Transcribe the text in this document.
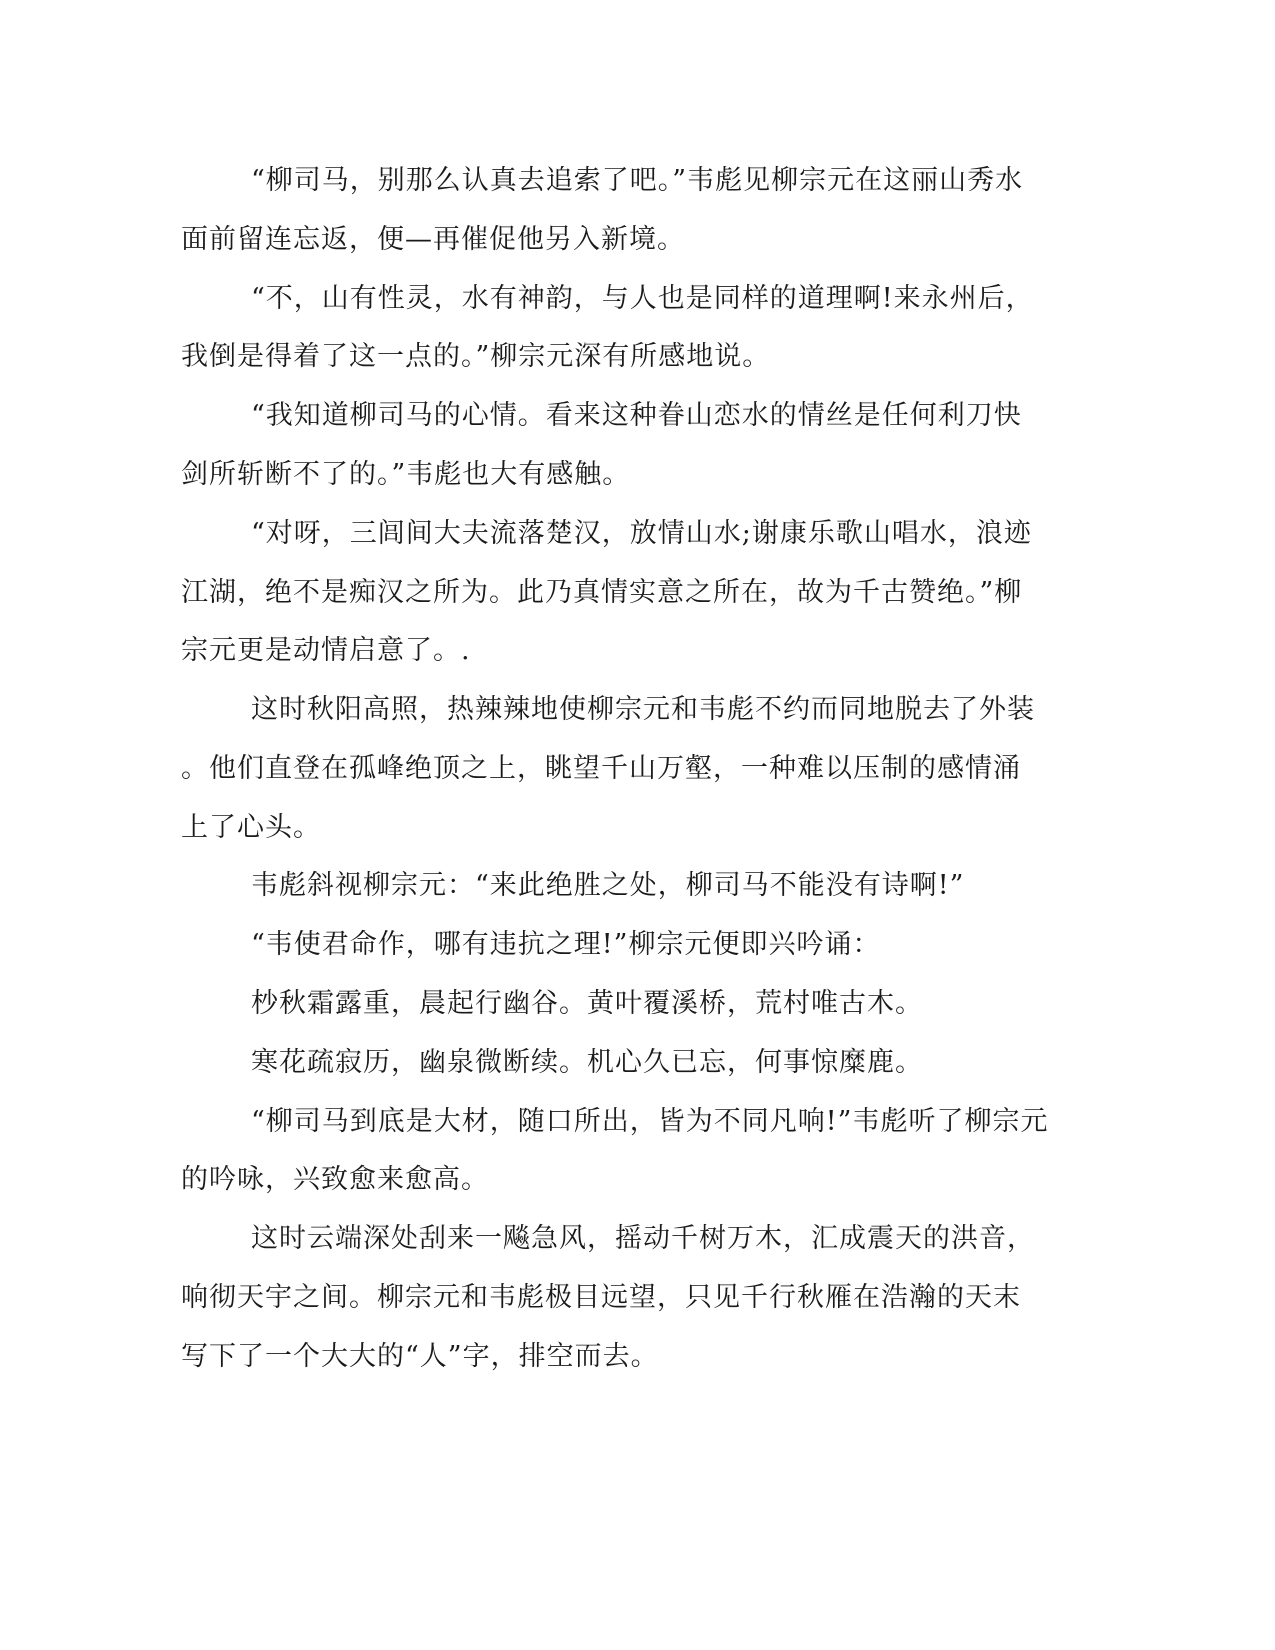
“柳司马，别那么认真去追索了吧。”韦彪见柳宗元在这丽山秀水
面前留连忘返，便—再催促他另入新境。
“不，山有性灵，水有神韵，与人也是同样的道理啊!来永州后，
我倒是得着了这一点的。”柳宗元深有所感地说。
“我知道柳司马的心情。看来这种眷山恋水的情丝是任何利刀快
剑所斩断不了的。”韦彪也大有感触。
“对呀，三闾间大夫流落楚汉，放情山水;谢康乐歌山唱水，浪迹
江湖，绝不是痴汉之所为。此乃真情实意之所在，故为千古赞绝。”柳
宗元更是动情启意了。.
这时秋阳高照，热辣辣地使柳宗元和韦彪不约而同地脱去了外装
。他们直登在孤峰绝顶之上，眺望千山万壑，一种难以压制的感情涌
上了心头。
韦彪斜视柳宗元：“来此绝胜之处，柳司马不能没有诗啊!”
“韦使君命作，哪有违抗之理!”柳宗元便即兴吟诵：
杪秋霜露重，晨起行幽谷。黄叶覆溪桥，荒村唯古木。
寒花疏寂历，幽泉微断续。机心久已忘，何事惊糜鹿。
“柳司马到底是大材，随口所出，皆为不同凡响!”韦彪听了柳宗元
的吟咏，兴致愈来愈高。
这时云端深处刮来一飚急风，摇动千树万木，汇成震天的洪音，
响彻天宇之间。柳宗元和韦彪极目远望，只见千行秋雁在浩瀚的天末
写下了一个大大的“人”字，排空而去。
